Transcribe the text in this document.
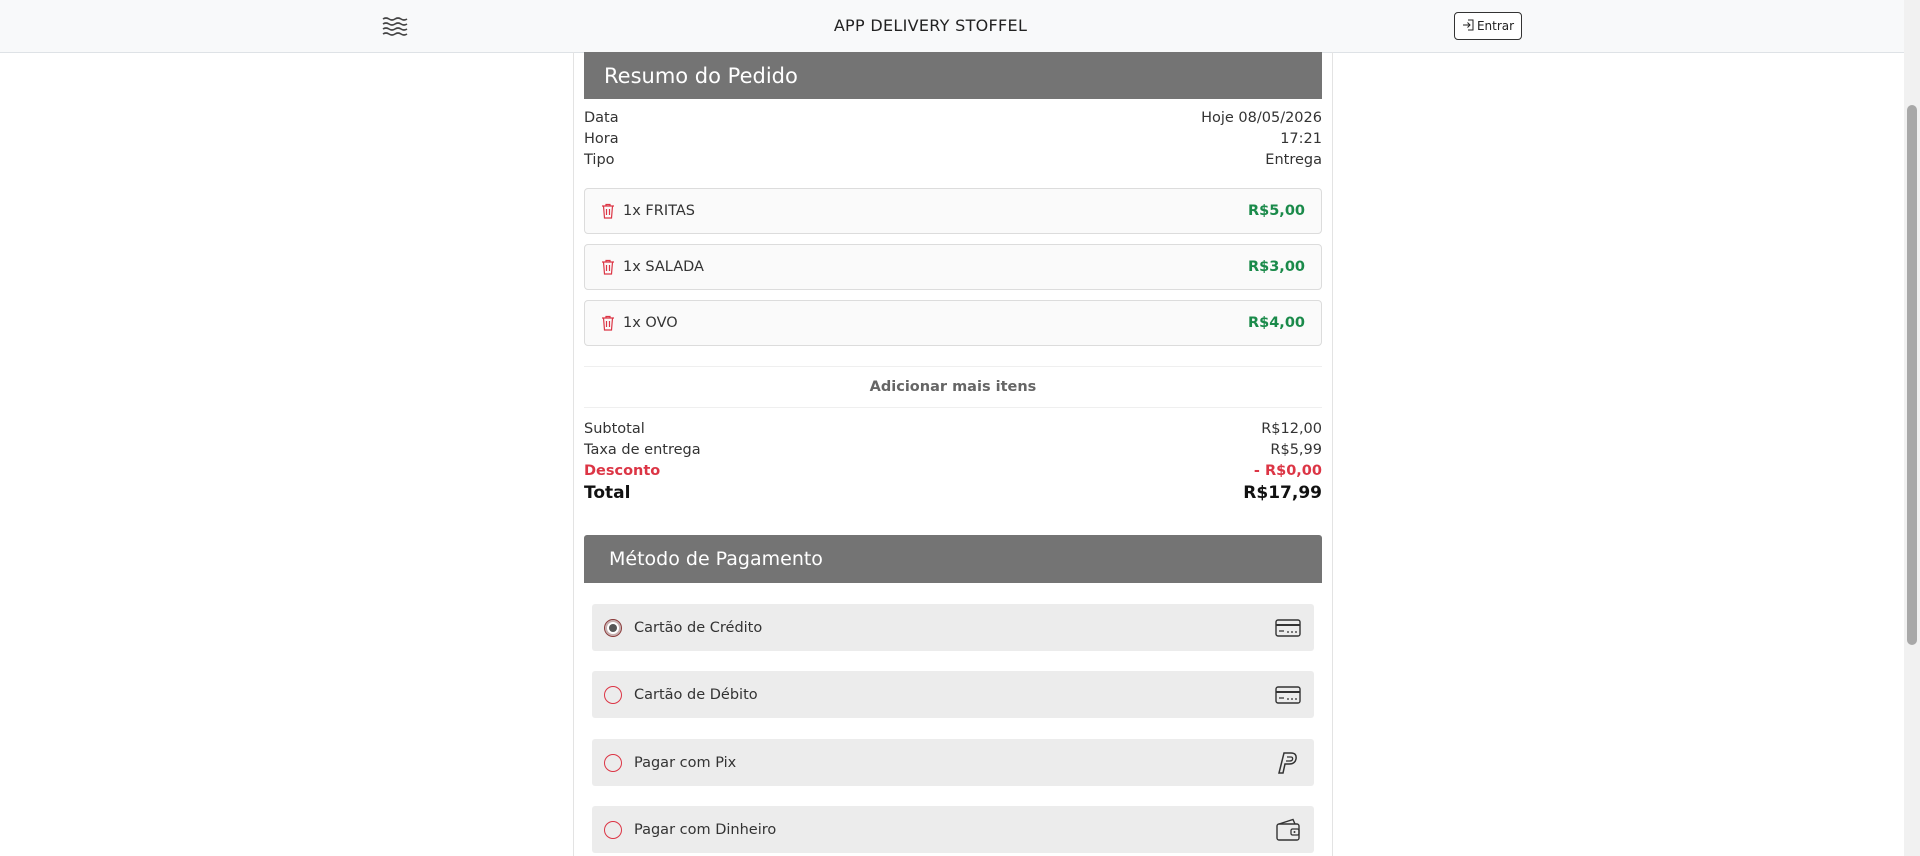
APP DELIVERY STOFFEL	Entrar
Resumo do Pedido
Data	Hoje 08/05/2026
Hora	17:21
Tipo	Entrega
1x FRITAS	R$5,00
1x SALADA	R$3,00
1x OVO	R$4,00
Adicionar mais itens
Subtotal	R$12,00
Taxa de entrega	R$5,99
Desconto	- R$0,00
Total	R$17,99
Método de Pagamento
Cartão de Crédito
Cartão de Débito
Pagar com Pix
Pagar com Dinheiro
